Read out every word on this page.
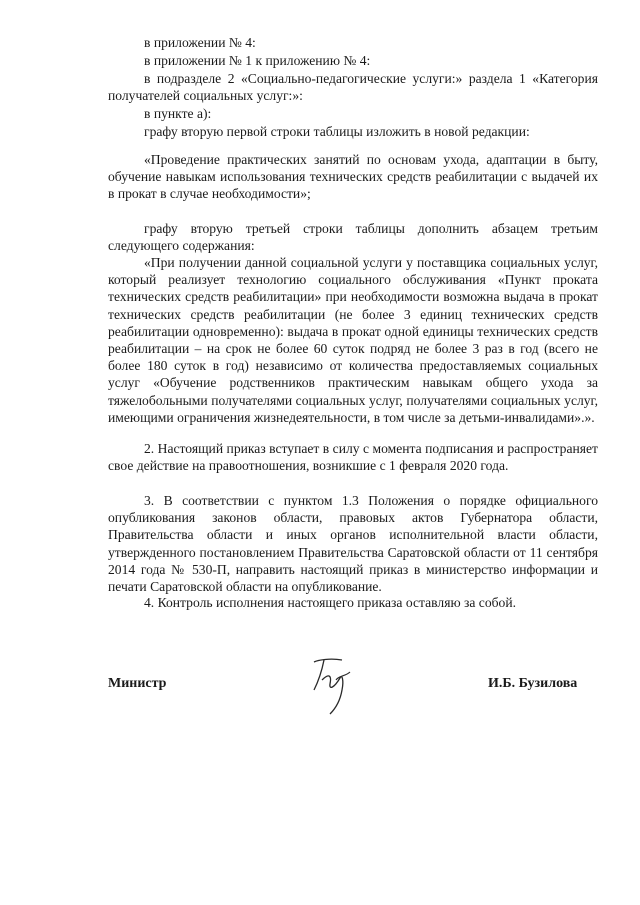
в приложении № 4:
в приложении № 1 к приложению № 4:
в подразделе 2 «Социально-педагогические услуги:» раздела 1 «Категория получателей социальных услуг:»:
в пункте а):
графу вторую первой строки таблицы изложить в новой редакции:
«Проведение практических занятий по основам ухода, адаптации в быту, обучение навыкам использования технических средств реабилитации с выдачей их в прокат в случае необходимости»;
графу вторую третьей строки таблицы дополнить абзацем третьим следующего содержания:
«При получении данной социальной услуги у поставщика социальных услуг, который реализует технологию социального обслуживания «Пункт проката технических средств реабилитации» при необходимости возможна выдача в прокат технических средств реабилитации (не более 3 единиц технических средств реабилитации одновременно): выдача в прокат одной единицы технических средств реабилитации – на срок не более 60 суток подряд не более 3 раз в год (всего не более 180 суток в год) независимо от количества предоставляемых социальных услуг «Обучение родственников практическим навыкам общего ухода за тяжелобольными получателями социальных услуг, получателями социальных услуг, имеющими ограничения жизнедеятельности, в том числе за детьми-инвалидами».».
2. Настоящий приказ вступает в силу с момента подписания и распространяет свое действие на правоотношения, возникшие с 1 февраля 2020 года.
3. В соответствии с пунктом 1.3 Положения о порядке официального опубликования законов области, правовых актов Губернатора области, Правительства области и иных органов исполнительной власти области, утвержденного постановлением Правительства Саратовской области от 11 сентября 2014 года № 530-П, направить настоящий приказ в министерство информации и печати Саратовской области на опубликование.
4. Контроль исполнения настоящего приказа оставляю за собой.
Министр	И.Б. Бузилова
